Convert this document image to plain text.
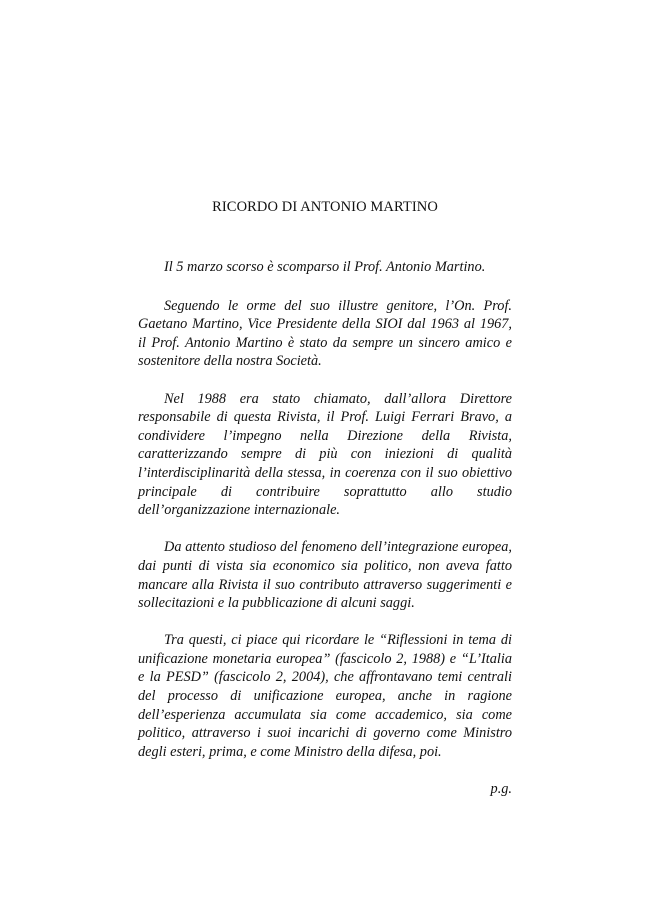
RICORDO DI ANTONIO MARTINO

Il 5 marzo scorso è scomparso il Prof. Antonio Martino.

Seguendo le orme del suo illustre genitore, l’On. Prof. Gaetano Martino, Vice Presidente della SIOI dal 1963 al 1967, il Prof. Antonio Martino è stato da sempre un sincero amico e sostenitore della nostra Società.

Nel 1988 era stato chiamato, dall’allora Direttore responsabile di questa Rivista, il Prof. Luigi Ferrari Bravo, a condividere l’impegno nella Direzione della Rivista, caratterizzando sempre di più con iniezioni di qualità l’interdisciplinarità della stessa, in coerenza con il suo obiettivo principale di contribuire soprattutto allo studio dell’organizzazione internazionale.

Da attento studioso del fenomeno dell’integrazione europea, dai punti di vista sia economico sia politico, non aveva fatto mancare alla Rivista il suo contributo attraverso suggerimenti e sollecitazioni e la pubblicazione di alcuni saggi.

Tra questi, ci piace qui ricordare le “Riflessioni in tema di unificazione monetaria europea” (fascicolo 2, 1988) e “L’Italia e la PESD” (fascicolo 2, 2004), che affrontavano temi centrali del processo di unificazione europea, anche in ragione dell’esperienza accumulata sia come accademico, sia come politico, attraverso i suoi incarichi di governo come Ministro degli esteri, prima, e come Ministro della difesa, poi.

p.g.
